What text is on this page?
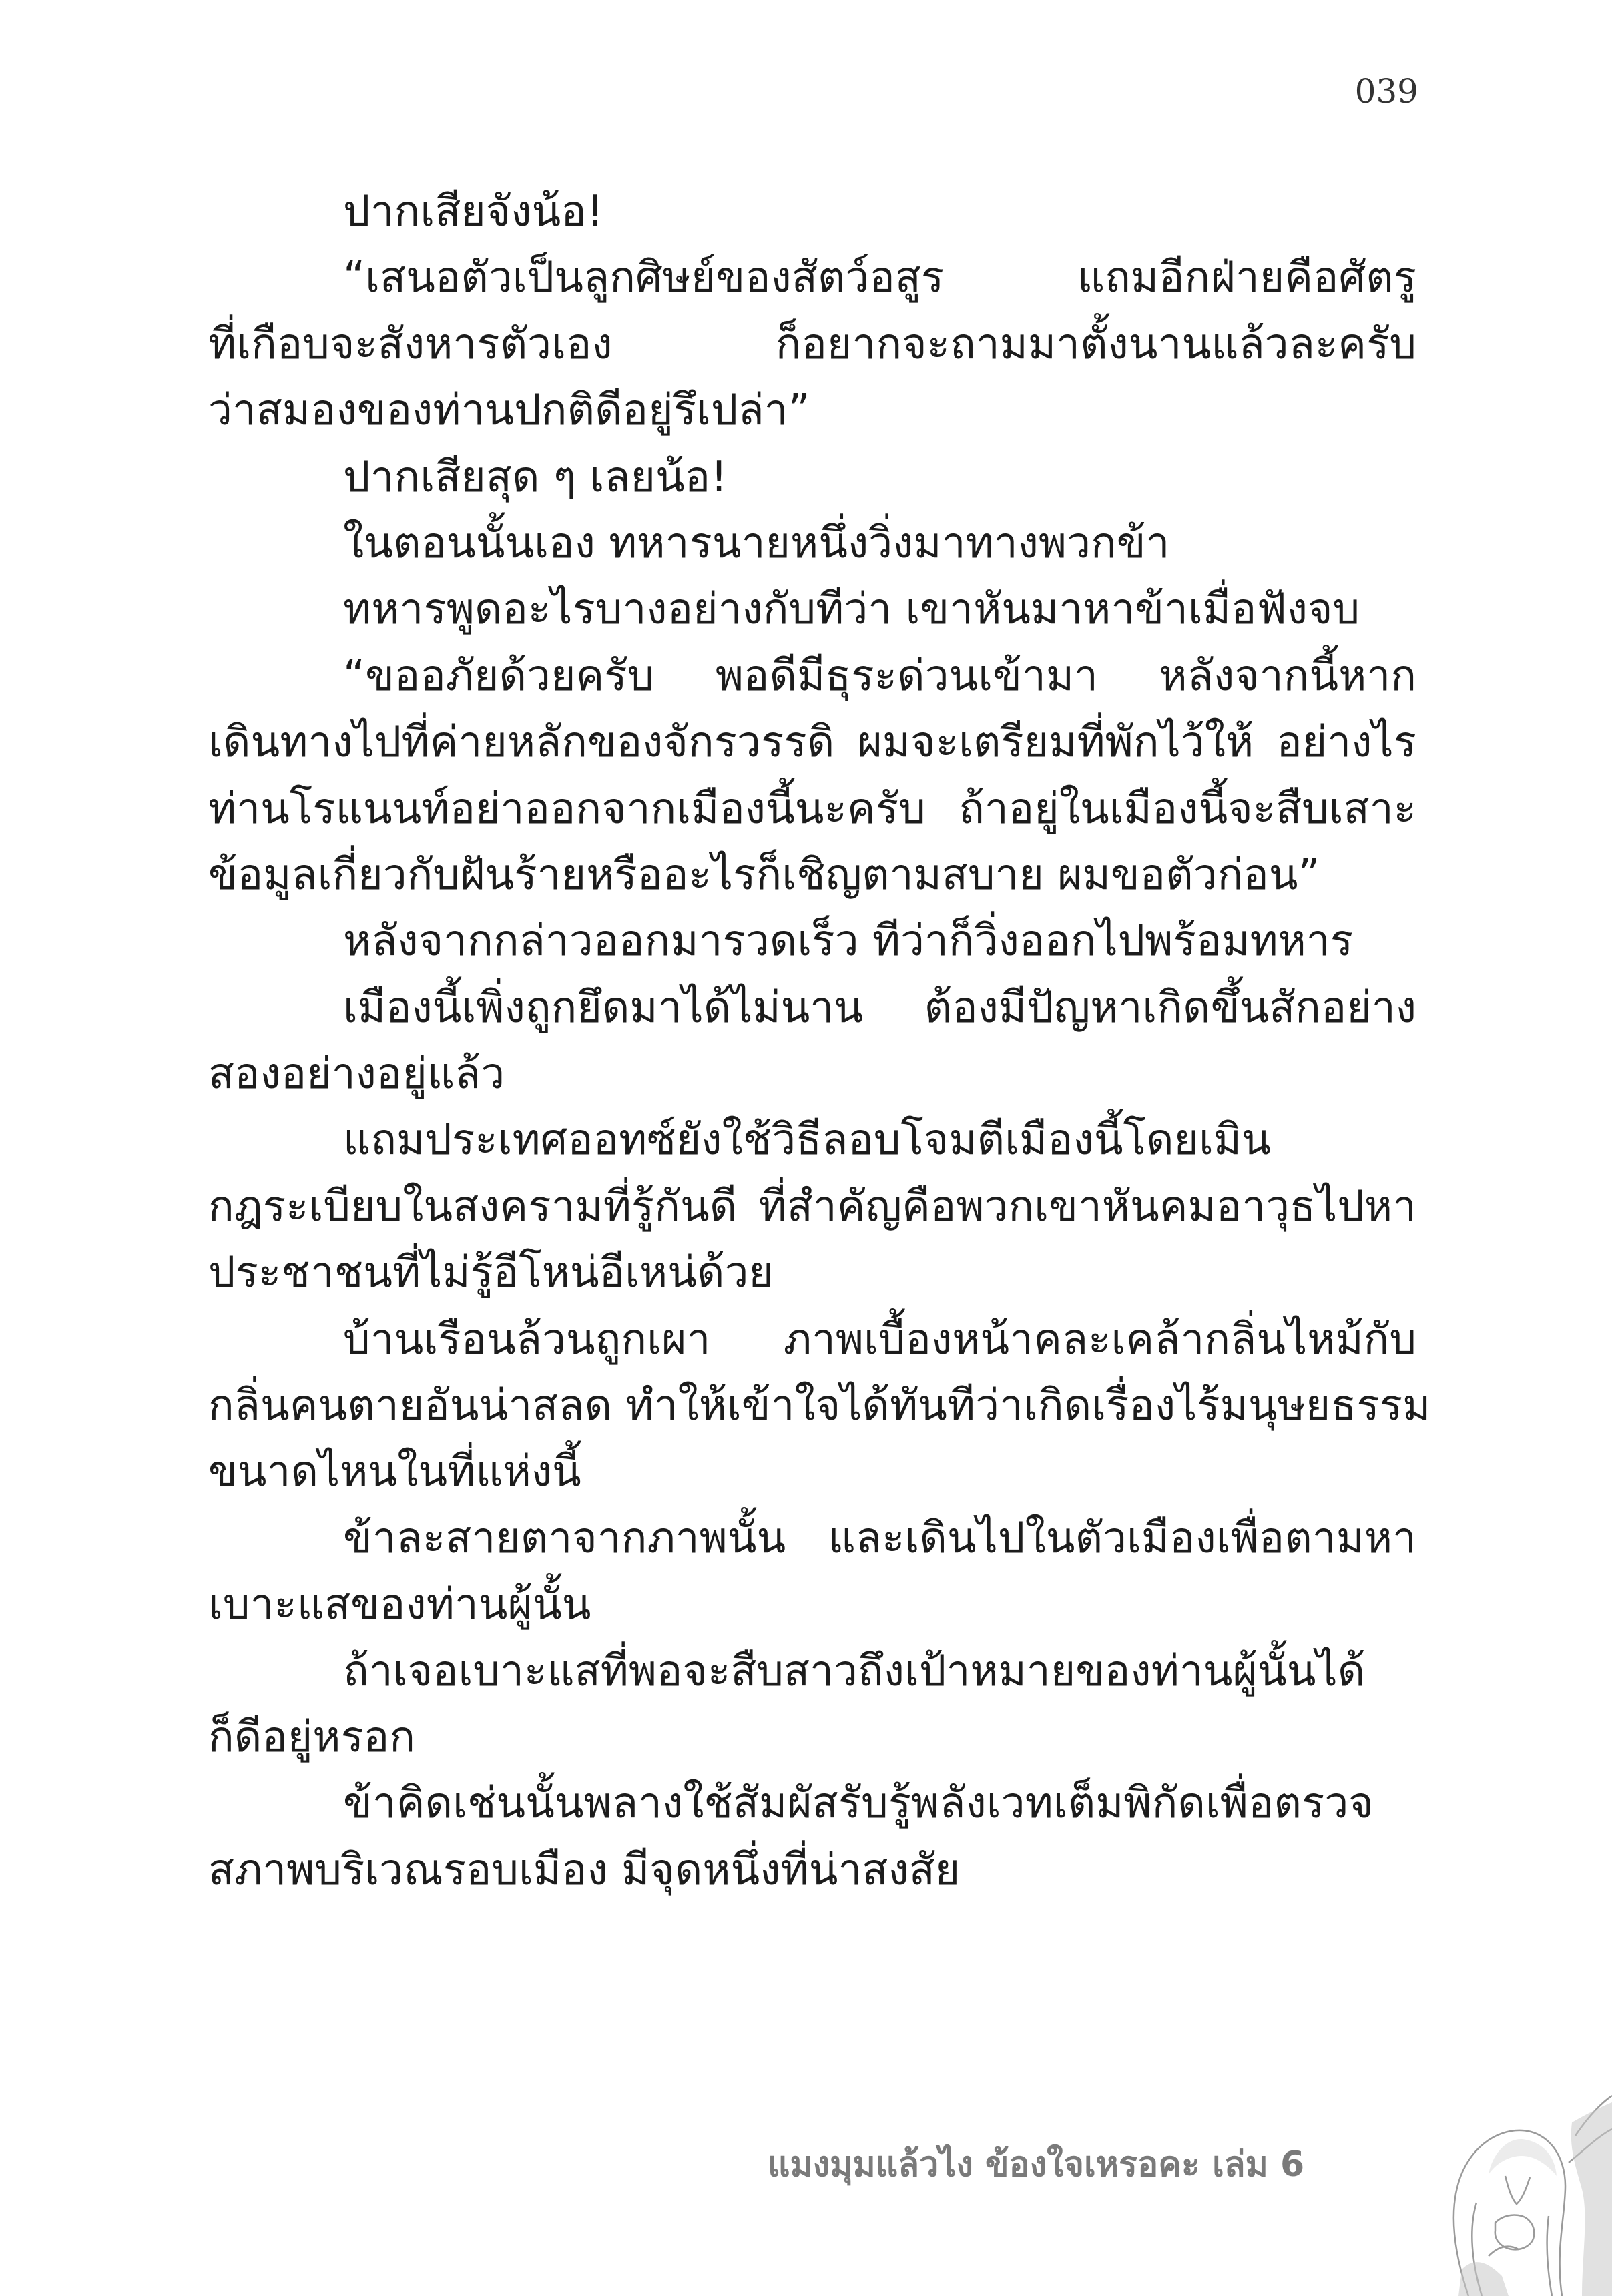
039
ปากเสียจังน้อ!
“เสนอตัวเป็นลูกศิษย์ของสัตว์อสูร แถมอีกฝ่ายคือศัตรู
ที่เกือบจะสังหารตัวเอง ก็อยากจะถามมาตั้งนานแล้วละครับ
ว่าสมองของท่านปกติดีอยู่รึเปล่า”
ปากเสียสุด ๆ เลยน้อ!
ในตอนนั้นเอง ทหารนายหนึ่งวิ่งมาทางพวกข้า
ทหารพูดอะไรบางอย่างกับทีว่า เขาหันมาหาข้าเมื่อฟังจบ
“ขออภัยด้วยครับ พอดีมีธุระด่วนเข้ามา หลังจากนี้หาก
เดินทางไปที่ค่ายหลักของจักรวรรดิ ผมจะเตรียมที่พักไว้ให้ อย่างไร
ท่านโรแนนท์อย่าออกจากเมืองนี้นะครับ ถ้าอยู่ในเมืองนี้จะสืบเสาะ
ข้อมูลเกี่ยวกับฝันร้ายหรืออะไรก็เชิญตามสบาย ผมขอตัวก่อน”
หลังจากกล่าวออกมารวดเร็ว ทีว่าก็วิ่งออกไปพร้อมทหาร
เมืองนี้เพิ่งถูกยึดมาได้ไม่นาน ต้องมีปัญหาเกิดขึ้นสักอย่าง
สองอย่างอยู่แล้ว
แถมประเทศออทซ์ยังใช้วิธีลอบโจมตีเมืองนี้โดยเมิน
กฎระเบียบในสงครามที่รู้กันดี ที่สำคัญคือพวกเขาหันคมอาวุธไปหา
ประชาชนที่ไม่รู้อีโหน่อีเหน่ด้วย
บ้านเรือนล้วนถูกเผา ภาพเบื้องหน้าคละเคล้ากลิ่นไหม้กับ
กลิ่นคนตายอันน่าสลด ทำให้เข้าใจได้ทันทีว่าเกิดเรื่องไร้มนุษยธรรม
ขนาดไหนในที่แห่งนี้
ข้าละสายตาจากภาพนั้น และเดินไปในตัวเมืองเพื่อตามหา
เบาะแสของท่านผู้นั้น
ถ้าเจอเบาะแสที่พอจะสืบสาวถึงเป้าหมายของท่านผู้นั้นได้
ก็ดีอยู่หรอก
ข้าคิดเช่นนั้นพลางใช้สัมผัสรับรู้พลังเวทเต็มพิกัดเพื่อตรวจ
สภาพบริเวณรอบเมือง มีจุดหนึ่งที่น่าสงสัย
แมงมุมแล้วไง ข้องใจเหรอคะ เล่ม 6
